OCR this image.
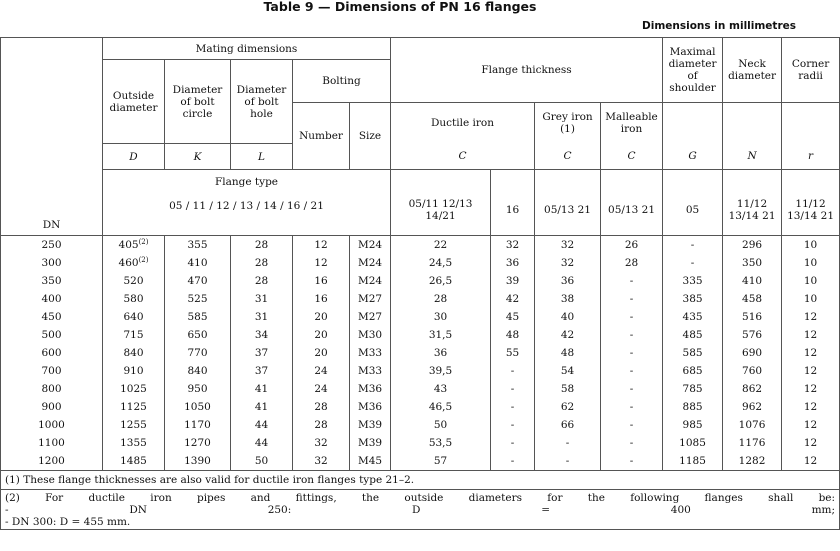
Table 9 — Dimensions of PN 16 flanges
Dimensions in millimetres
DN	Mating dimensions					Flange thickness				Maximal diameter of shoulder	Neck diameter	Corner radii
	Outside diameter	Diameter of bolt circle	Diameter of bolt hole	Bolting								
				Number	Size	Ductile iron		Grey iron (1)	Malleable iron			
	D	K	L			C		C	C	G	N	r

	Flange type
05 / 11 / 12 / 13 / 14 / 16 / 21					05/11 12/13 14/21	16	05/13 21	05/13 21	05	11/12 13/14 21	11/12 13/14 21
250	405$^{(2)}$	355	28	12	M24	22	32	32	26	-	296	10
300	460$^{(2)}$	410	28	12	M24	24,5	36	32	28	-	350	10
350	520	470	28	16	M24	26,5	39	36	-	335	410	10
400	580	525	31	16	M27	28	42	38	-	385	458	10
450	640	585	31	20	M27	30	45	40	-	435	516	12
500	715	650	34	20	M30	31,5	48	42	-	485	576	12
600	840	770	37	20	M33	36	55	48	-	585	690	12
700	910	840	37	24	M33	39,5	-	54	-	685	760	12
800	1025	950	41	24	M36	43	-	58	-	785	862	12
900	1125	1050	41	28	M36	46,5	-	62	-	885	962	12
1000	1255	1170	44	28	M39	50	-	66	-	985	1076	12
1100	1355	1270	44	32	M39	53,5	-	-	-	1085	1176	12
1200	1485	1390	50	32	M45	57	-	-	-	1185	1282	12
(1) These flange thicknesses are also valid for ductile iron flanges type 21–2.												

(2) For ductile iron pipes and fittings, the outside diameters for the following flanges shall be:
- DN 250: D = 400 mm;
- DN 300: D = 455 mm.												
